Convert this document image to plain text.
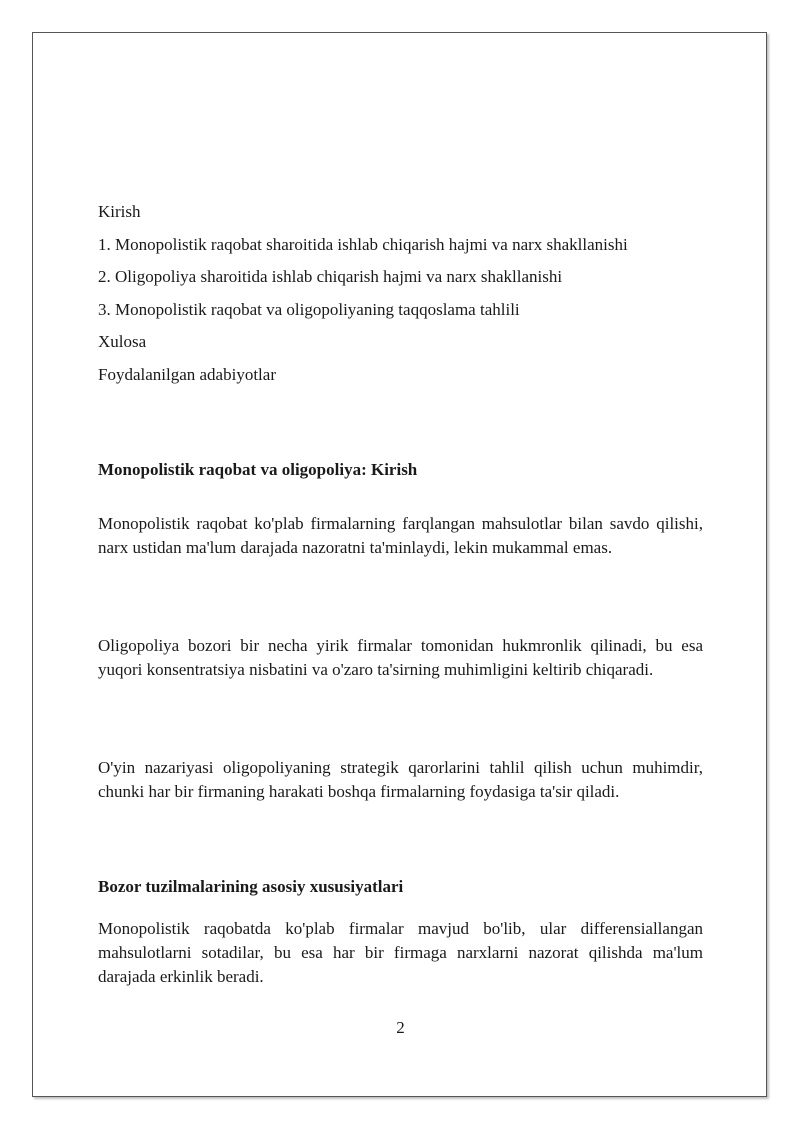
Kirish

1. Monopolistik raqobat sharoitida ishlab chiqarish hajmi va narx shakllanishi

2. Oligopoliya sharoitida ishlab chiqarish hajmi va narx shakllanishi

3. Monopolistik raqobat va oligopoliyaning taqqoslama tahlili

Xulosa

Foydalanilgan adabiyotlar

Monopolistik raqobat va oligopoliya: Kirish

Monopolistik raqobat ko'plab firmalarning farqlangan mahsulotlar bilan savdo qilishi, narx ustidan ma'lum darajada nazoratni ta'minlaydi, lekin mukammal emas.

Oligopoliya bozori bir necha yirik firmalar tomonidan hukmronlik qilinadi, bu esa yuqori konsentratsiya nisbatini va o'zaro ta'sirning muhimligini keltirib chiqaradi.

O'yin nazariyasi oligopoliyaning strategik qarorlarini tahlil qilish uchun muhimdir, chunki har bir firmaning harakati boshqa firmalarning foydasiga ta'sir qiladi.

Bozor tuzilmalarining asosiy xususiyatlari

Monopolistik raqobatda ko'plab firmalar mavjud bo'lib, ular differensiallangan mahsulotlarni sotadilar, bu esa har bir firmaga narxlarni nazorat qilishda ma'lum darajada erkinlik beradi.

2
